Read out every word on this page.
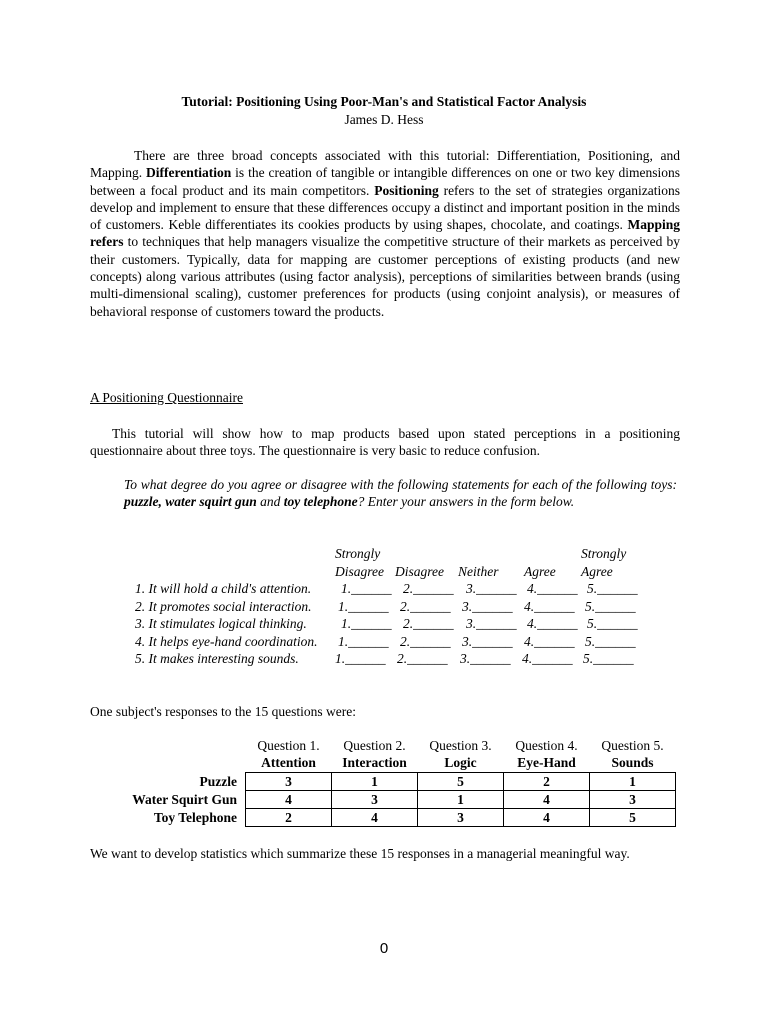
Tutorial: Positioning Using Poor-Man's and Statistical Factor Analysis
James D. Hess

There are three broad concepts associated with this tutorial: Differentiation, Positioning, and Mapping. Differentiation is the creation of tangible or intangible differences on one or two key dimensions between a focal product and its main competitors. Positioning refers to the set of strategies organizations develop and implement to ensure that these differences occupy a distinct and important position in the minds of customers. Keble differentiates its cookies products by using shapes, chocolate, and coatings. Mapping refers to techniques that help managers visualize the competitive structure of their markets as perceived by their customers. Typically, data for mapping are customer perceptions of existing products (and new concepts) along various attributes (using factor analysis), perceptions of similarities between brands (using multi-dimensional scaling), customer preferences for products (using conjoint analysis), or measures of behavioral response of customers toward the products.

A Positioning Questionnaire

This tutorial will show how to map products based upon stated perceptions in a positioning questionnaire about three toys. The questionnaire is very basic to reduce confusion.

To what degree do you agree or disagree with the following statements for each of the following toys: puzzle, water squirt gun and toy telephone? Enter your answers in the form below.

Strongly	Strongly
Disagree Disagree Neither Agree Agree
1. It will hold a child's attention. 1.______ 2.______ 3.______ 4.______ 5.______
2. It promotes social interaction. 1.______ 2.______ 3.______ 4.______ 5.______
3. It stimulates logical thinking.	1.______ 2.______ 3.______ 4.______ 5.______
4. It helps eye-hand coordination. 1.______ 2.______ 3.______ 4.______ 5.______
5. It makes interesting sounds.	1.______ 2.______ 3.______ 4.______ 5.______
One subject's responses to the 15 questions were:
	Question 1.	Question 2.	Question 3.	Question 4.	Question 5.
	Attention	Interaction	Logic	Eye-Hand	Sounds
Puzzle	3	1	5	2	1
Water Squirt Gun	4	3	1	4	3
Toy Telephone	2	4	3	4	5

We want to develop statistics which summarize these 15 responses in a managerial meaningful way.

0
